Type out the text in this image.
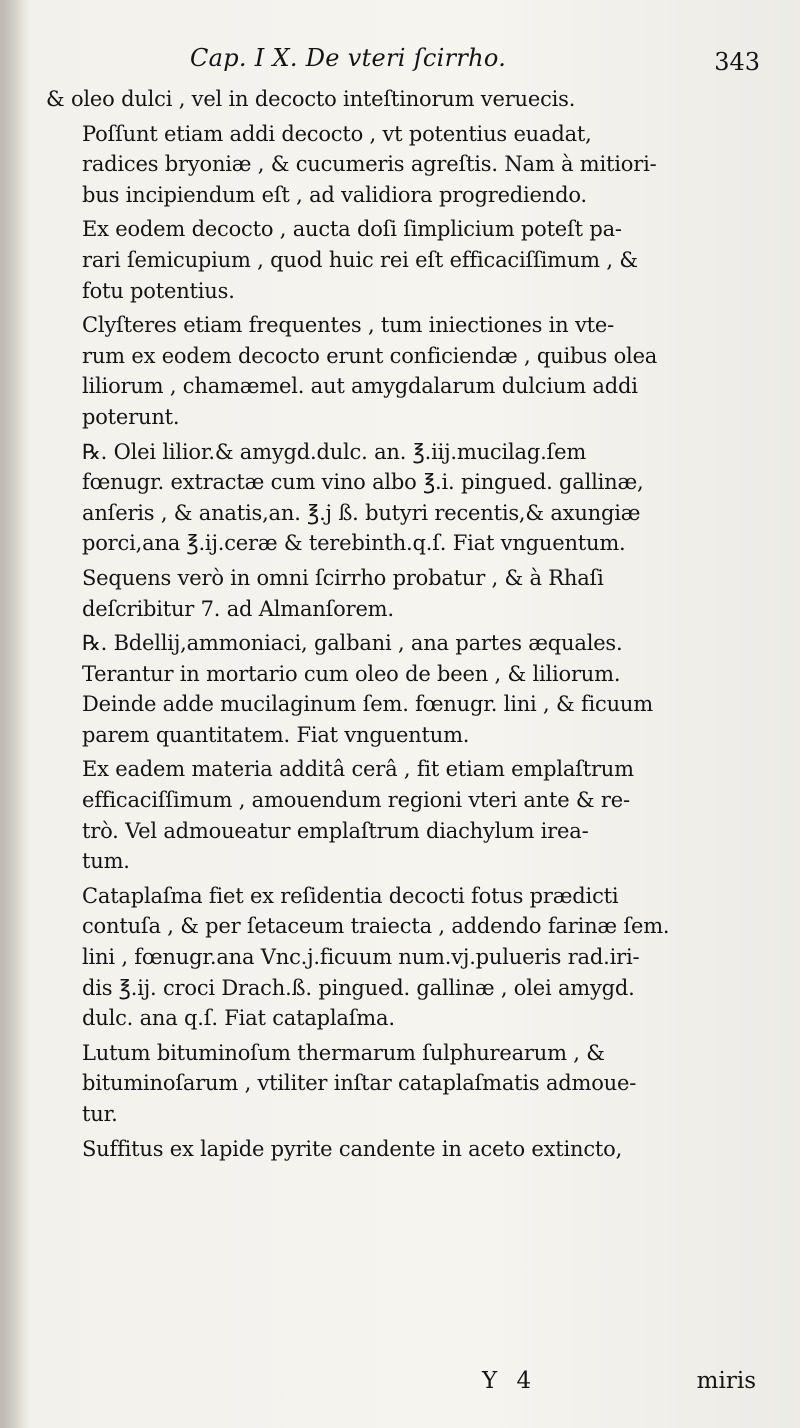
Cap. I X. De vteri ſcirrho.	343
& oleo dulci , vel in decocto inteſtinorum veruecis.
Poſſunt etiam addi decocto , vt potentius euadat,
radices bryoniæ , & cucumeris agreſtis. Nam à mitiori-
bus incipiendum eſt , ad validiora progrediendo.
Ex eodem decocto , aucta doſi ſimplicium poteſt pa-
rari ſemicupium , quod huic rei eſt efficaciſſimum , &
fotu potentius.
Clyſteres etiam frequentes , tum iniectiones in vte-
rum ex eodem decocto erunt conficiendæ , quibus olea
liliorum , chamæmel. aut amygdalarum dulcium addi
poterunt.
℞. Olei lilior.& amygd.dulc. an. ℥.iij.mucilag.ſem
fœnugr. extractæ cum vino albo ℥.i. pingued. gallinæ,
anſeris , & anatis,an. ℥.j ß. butyri recentis,& axungiæ
porci,ana ℥.ij.ceræ & terebinth.q.ſ. Fiat vnguentum.
Sequens verò in omni ſcirrho probatur , & à Rhaſi
deſcribitur 7. ad Almanſorem.
℞. Bdellij,ammoniaci, galbani , ana partes æquales.
Terantur in mortario cum oleo de been , & liliorum.
Deinde adde mucilaginum ſem. fœnugr. lini , & ficuum
parem quantitatem. Fiat vnguentum.
Ex eadem materia additâ cerâ , fit etiam emplaſtrum
efficaciſſimum , amouendum regioni vteri ante & re-
trò. Vel admoueatur emplaſtrum diachylum irea-
tum.
Cataplaſma fiet ex reſidentia decocti fotus prædicti
contuſa , & per ſetaceum traiecta , addendo farinæ ſem.
lini , fœnugr.ana Vnc.j.ficuum num.vj.pulueris rad.iri-
dis ℥.ij. croci Drach.ß. pingued. gallinæ , olei amygd.
dulc. ana q.ſ. Fiat cataplaſma.
Lutum bituminoſum thermarum ſulphurearum , &
bituminoſarum , vtiliter inſtar cataplaſmatis admoue-
tur.
Suffitus ex lapide pyrite candente in aceto extincto,
Y 4	miris
